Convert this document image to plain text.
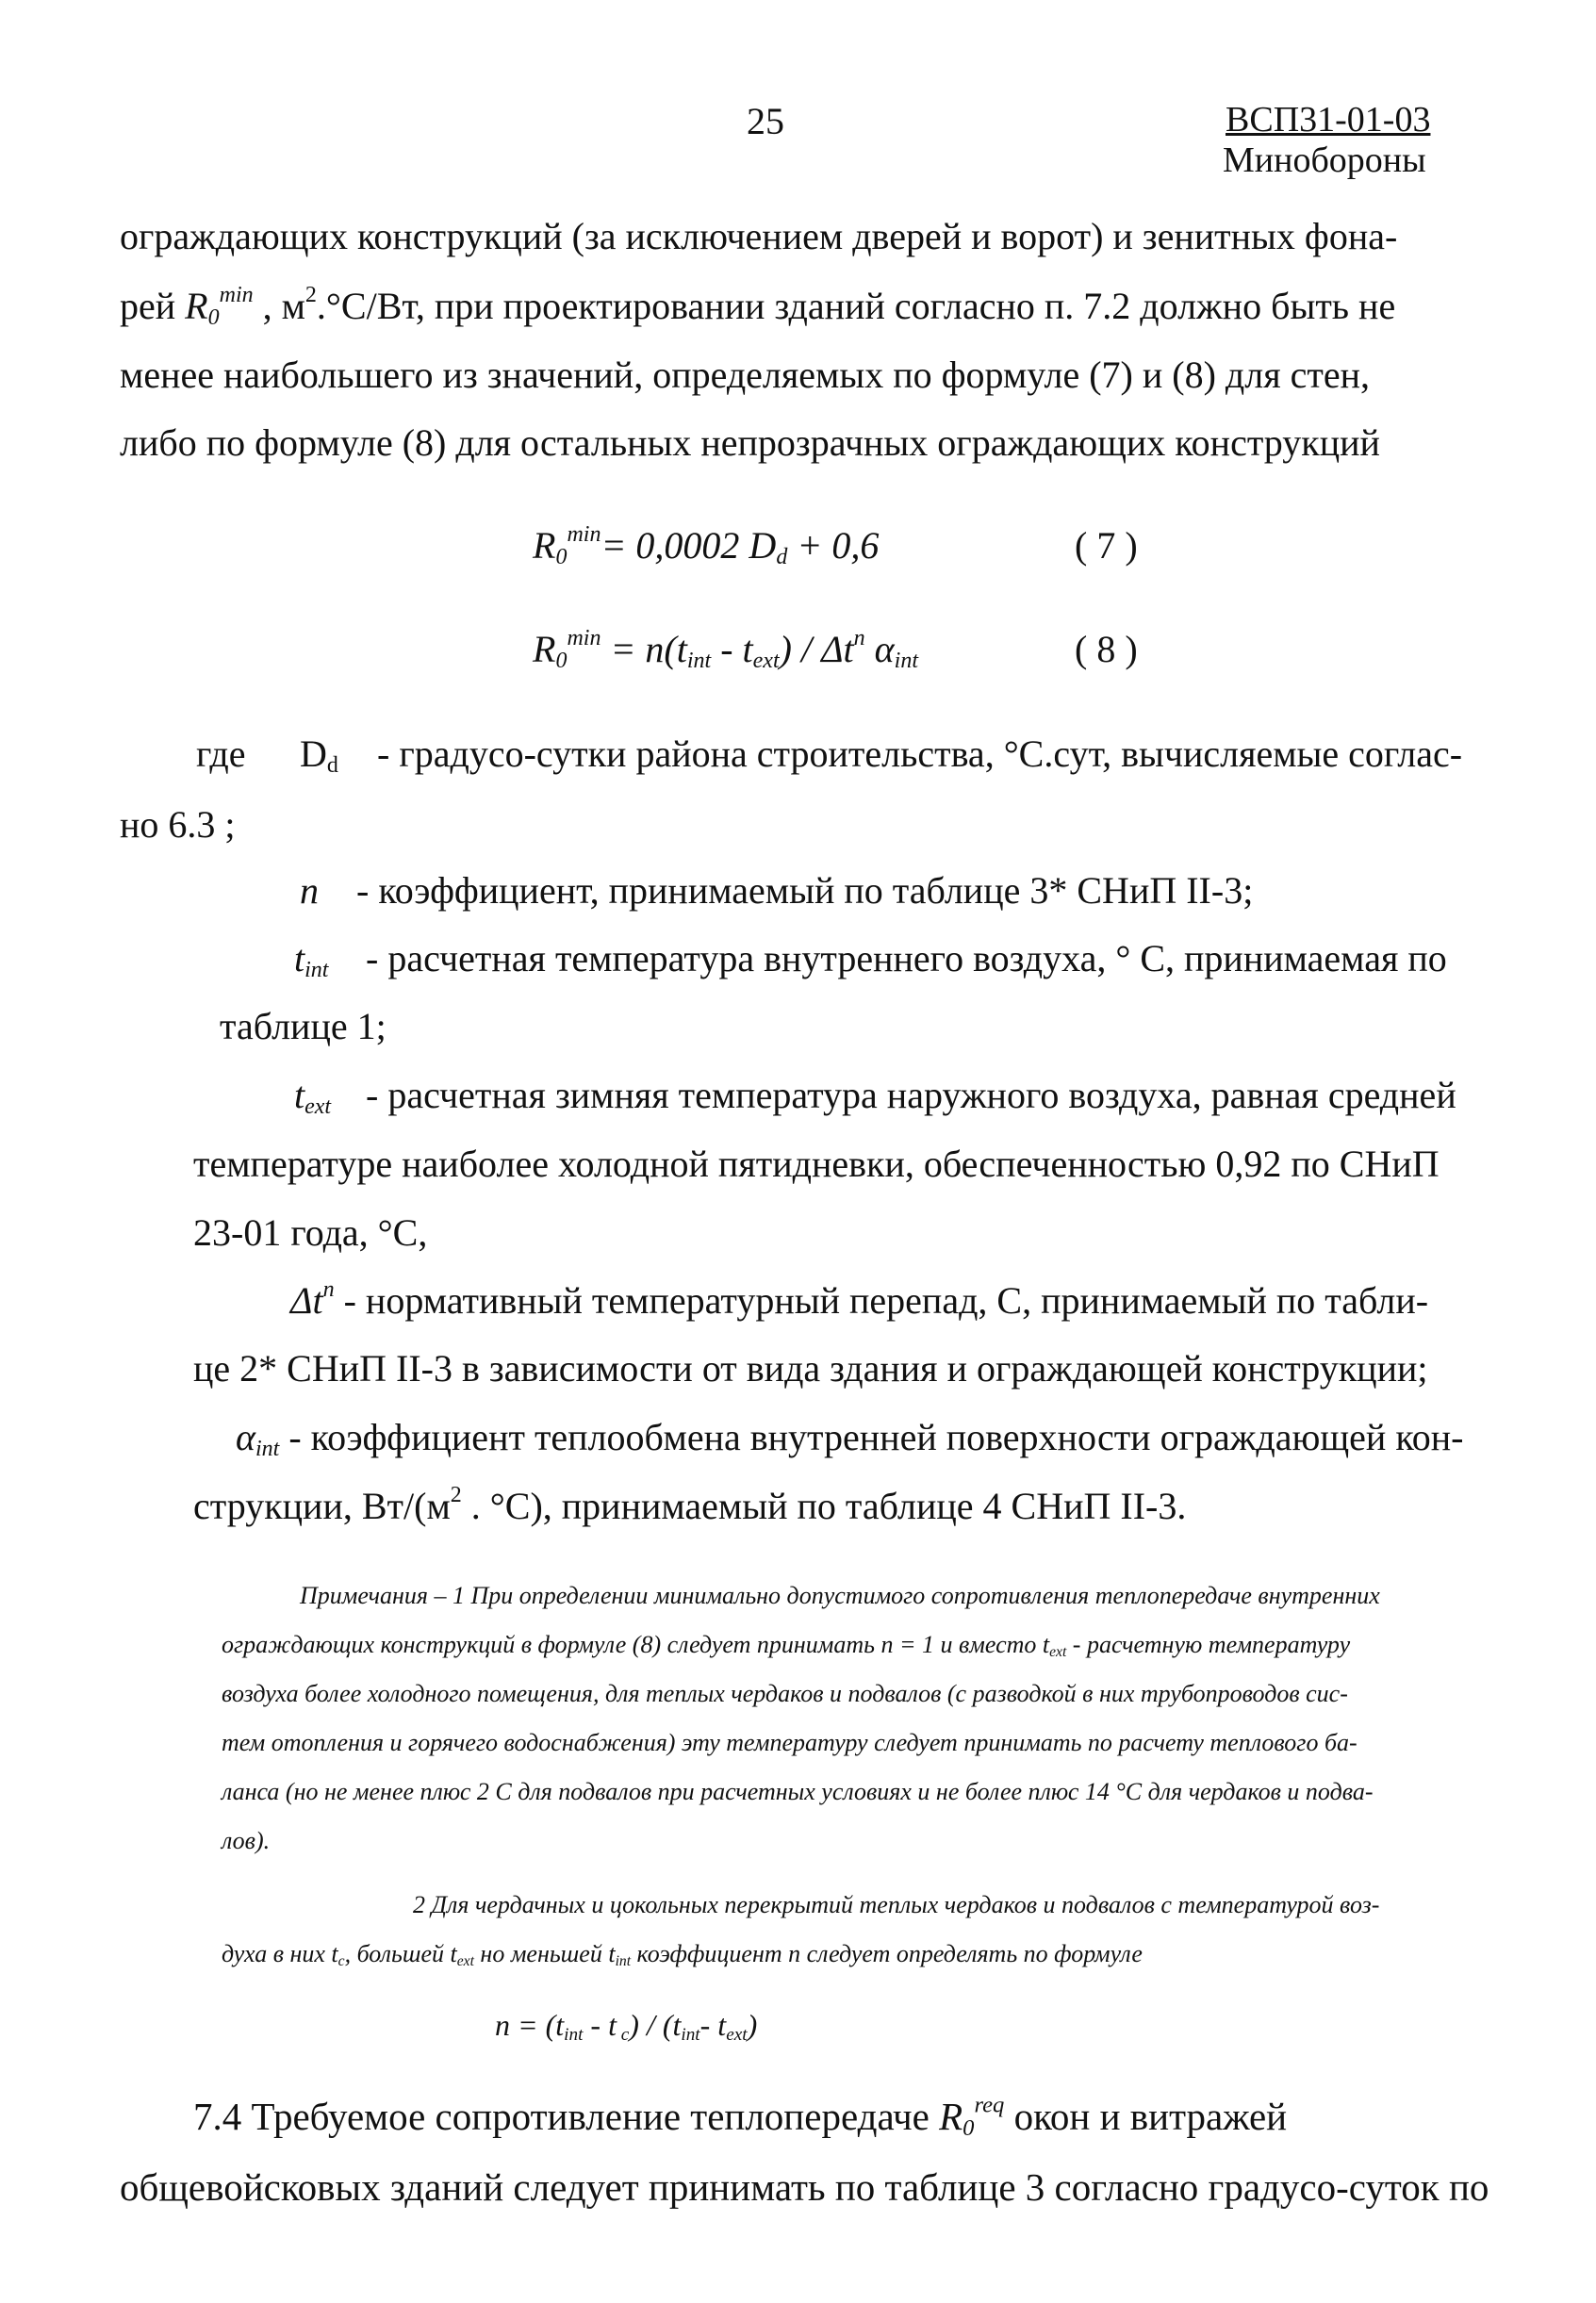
25	ВСП31-01-03
Минобороны
ограждающих конструкций (за исключением дверей и ворот) и зенитных фона-
рей $R_0^{min}$ , $м^2.^\circ С/Вт$, при проектировании зданий согласно п. 7.2 должно быть не
менее наибольшего из значений, определяемых по формуле (7) и (8) для стен,
либо по формуле (8) для остальных непрозрачных ограждающих конструкций
$R_0^{min}= 0,0002$ $D_d + 0,6$	( 7 )
$R_0^{min} = n(t_{int} - t_{ext}) / \Delta t^n$ $\alpha_{int}$	( 8 )
где $D_d$ - градусо-сутки района строительства, °С.сут, вычисляемые соглас-
но 6.3 ;
n - коэффициент, принимаемый по таблице 3* СНиП II-3;
$t_{int}$ - расчетная температура внутреннего воздуха, ° С, принимаемая по
таблице 1;
$t_{ext}$ - расчетная зимняя температура наружного воздуха, равная средней
температуре наиболее холодной пятидневки, обеспеченностью 0,92 по СНиП
23-01 года, °С,
$\Delta t^n$ - нормативный температурный перепад, С, принимаемый по табли-
це 2* СНиП II-3 в зависимости от вида здания и ограждающей конструкции;
$\alpha_{int}$ - коэффициент теплообмена внутренней поверхности ограждающей кон-
струкции, $Вт/(м^2$ . °С), принимаемый по таблице 4 СНиП II-3.
Примечания – 1 При определении минимально допустимого сопротивления теплопередаче внутренних
ограждающих конструкций в формуле (8) следует принимать n = 1 и вместо $t_{ext}$ - расчетную температуру
воздуха более холодного помещения, для теплых чердаков и подвалов (с разводкой в них трубопроводов сис-
тем отопления и горячего водоснабжения) эту температуру следует принимать по расчету теплового ба-
ланса (но не менее плюс 2 С для подвалов при расчетных условиях и не более плюс 14 °С для чердаков и подва-
лов).
2 Для чердачных и цокольных перекрытий теплых чердаков и подвалов с температурой воз-
духа в них $t_c$, большей $t_{ext}$ но меньшей $t_{int}$ коэффициент n следует определять по формуле
$n = (t_{int} - t$ $_c) / (t_{int}-$ $t_{ext}$)
7.4 Требуемое сопротивление теплопередаче $R_0^{req}$ окон и витражей
общевойсковых зданий следует принимать по таблице 3 согласно градусо-суток по
